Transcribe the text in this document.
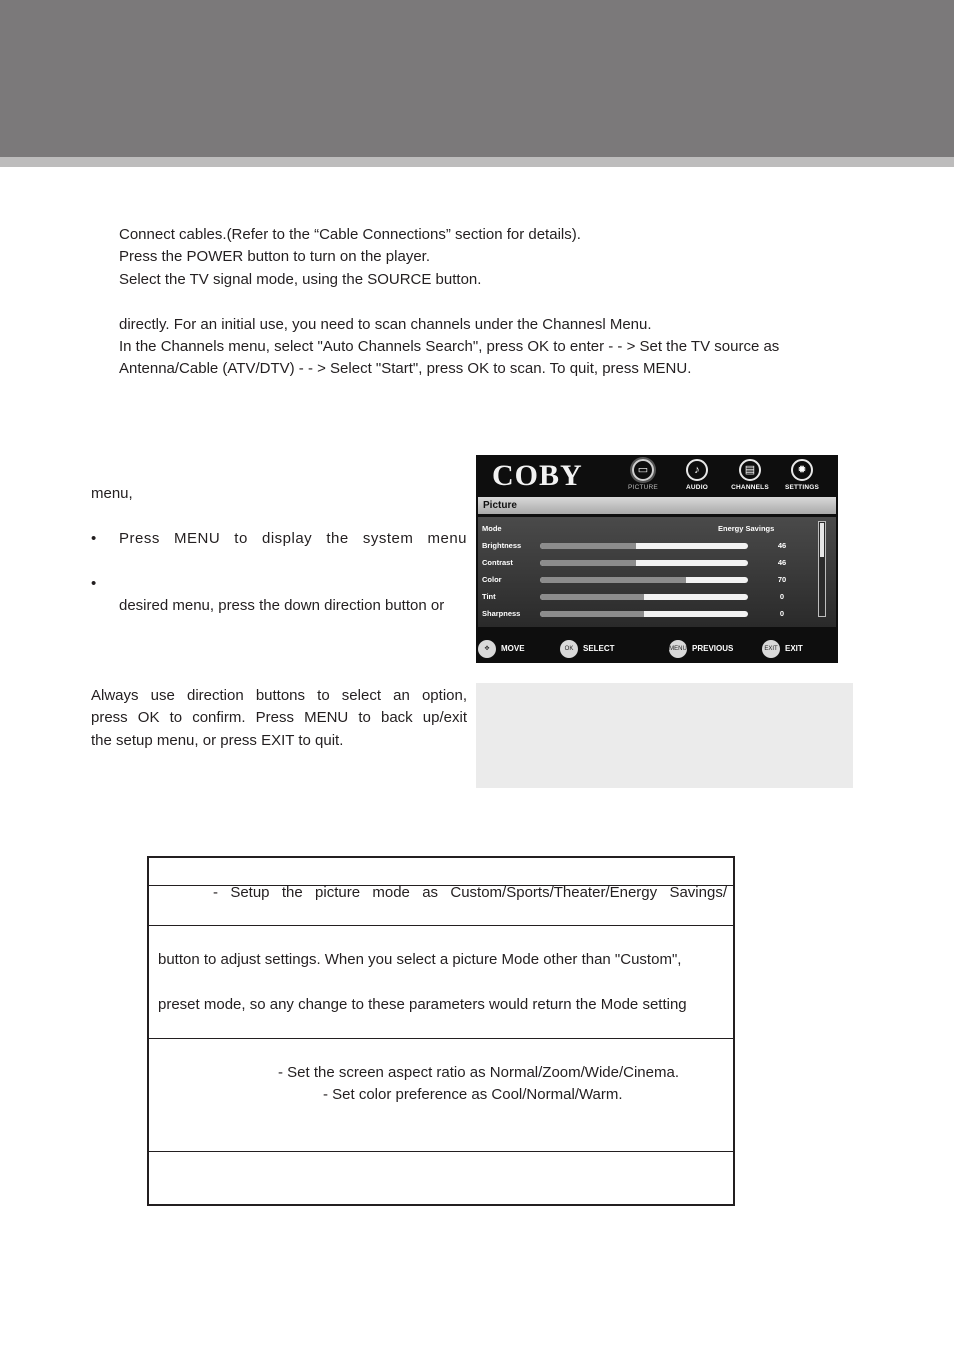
Connect cables.(Refer to the “Cable Connections” section for details).
Press the POWER button to turn on the player.
Select the TV signal mode, using the SOURCE button.
directly. For an initial use, you need to scan channels under the Channesl Menu.
In the Channels menu, select "Auto Channels Search", press OK to enter - - > Set the TV source as
Antenna/Cable (ATV/DTV) - - > Select "Start", press OK to scan. To quit, press MENU.
menu,
• Press MENU to display the system menu
•
desired menu, press the down direction button or
Always use direction buttons to select an option,
press OK to confirm. Press MENU to back up/exit
the setup menu, or press EXIT to quit.
COBY	▭
PICTURE
♪
AUDIO
▤
CHANNELS
✹
SETTINGS
Picture
Mode	Energy Savings
Brightness	46
Contrast	46
Color	70
Tint	0
Sharpness	0
✥ MOVE	OK SELECT	MENU PREVIOUS	EXIT EXIT
- Setup the picture mode as Custom/Sports/Theater/Energy Savings/
button to adjust settings. When you select a picture Mode other than "Custom",
preset mode, so any change to these parameters would return the Mode setting
- Set the screen aspect ratio as Normal/Zoom/Wide/Cinema.
- Set color preference as Cool/Normal/Warm.
